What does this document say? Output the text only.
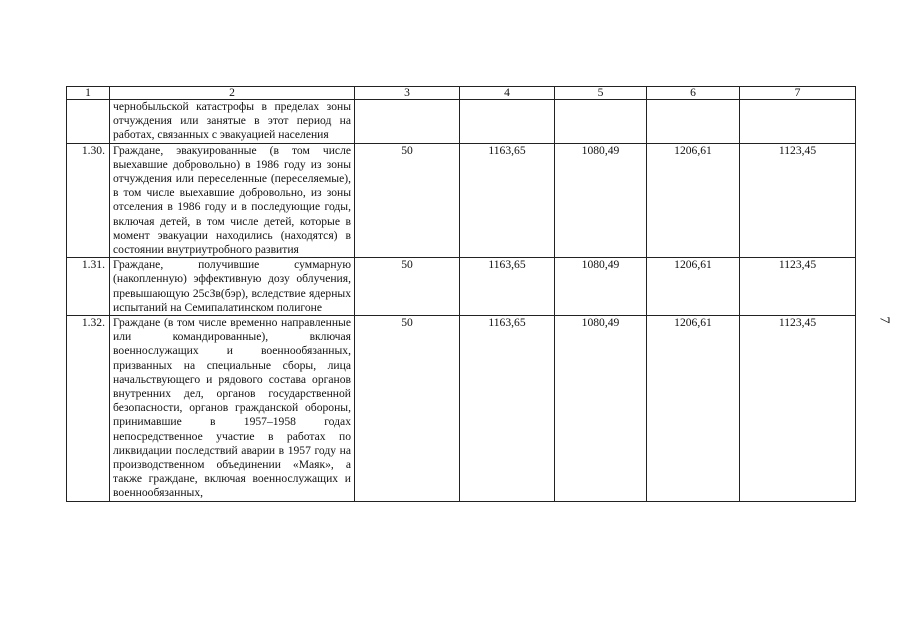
1	2	3	4	5	6	7
	чернобыльской катастрофы в пределах зоны отчуждения или занятые в этот период на работах, связанных с эвакуацией населения					
1.30.	Граждане, эвакуированные (в том числе выехавшие добровольно) в 1986 году из зоны отчуждения или переселенные (переселяемые), в том числе выехавшие добровольно, из зоны отселения в 1986 году и в последующие годы, включая детей, в том числе детей, которые в момент эвакуации находились (находятся) в состоянии внутриутробного развития	50	1163,65	1080,49	1206,61	1123,45
1.31.	Граждане, получившие суммарную (накопленную) эффективную дозу облучения, превышающую 25сЗв(бэр), вследствие ядерных испытаний на Семипалатинском полигоне	50	1163,65	1080,49	1206,61	1123,45
1.32.	Граждане (в том числе временно направленные или командированные), включая военнослужащих и военнообязанных, призванных на специальные сборы, лица начальствующего и рядового состава органов внутренних дел, органов государственной безопасности, органов гражданской обороны, принимавшие в 1957–1958 годах непосредственное участие в работах по ликвидации последствий аварии в 1957 году на производственном объединении «Маяк», а также граждане, включая военнослужащих и военнообязанных,	50	1163,65	1080,49	1206,61	1123,45	7
